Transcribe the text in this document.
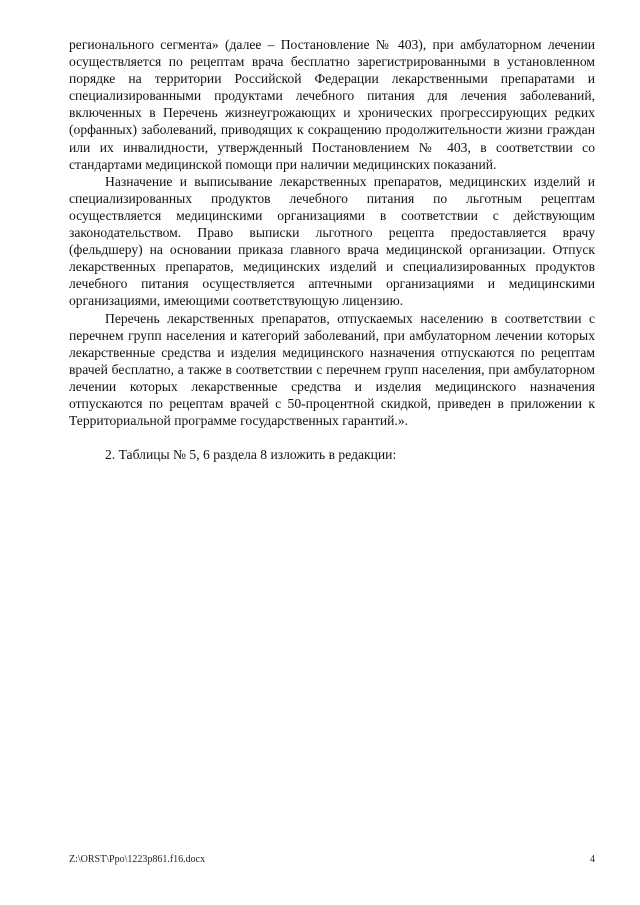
регионального сегмента» (далее – Постановление № 403), при амбулаторном лечении осуществляется по рецептам врача бесплатно зарегистрированными в установленном порядке на территории Российской Федерации лекарственными препаратами и специализированными продуктами лечебного питания для лечения заболеваний, включенных в Перечень жизнеугрожающих и хронических прогрессирующих редких (орфанных) заболеваний, приводящих к сокращению продолжительности жизни граждан или их инвалидности, утвержденный Постановлением № 403, в соответствии со стандартами медицинской помощи при наличии медицинских показаний.

Назначение и выписывание лекарственных препаратов, медицинских изделий и специализированных продуктов лечебного питания по льготным рецептам осуществляется медицинскими организациями в соответствии с действующим законодательством. Право выписки льготного рецепта предоставляется врачу (фельдшеру) на основании приказа главного врача медицинской организации. Отпуск лекарственных препаратов, медицинских изделий и специализированных продуктов лечебного питания осуществляется аптечными организациями и медицинскими организациями, имеющими соответствующую лицензию.

Перечень лекарственных препаратов, отпускаемых населению в соответствии с перечнем групп населения и категорий заболеваний, при амбулаторном лечении которых лекарственные средства и изделия медицинского назначения отпускаются по рецептам врачей бесплатно, а также в соответствии с перечнем групп населения, при амбулаторном лечении которых лекарственные средства и изделия медицинского назначения отпускаются по рецептам врачей с 50-процентной скидкой, приведен в приложении к Территориальной программе государственных гарантий.».

2. Таблицы № 5, 6 раздела 8 изложить в редакции:

Z:\ORST\Ppo\1223p861.f16.docx	4
